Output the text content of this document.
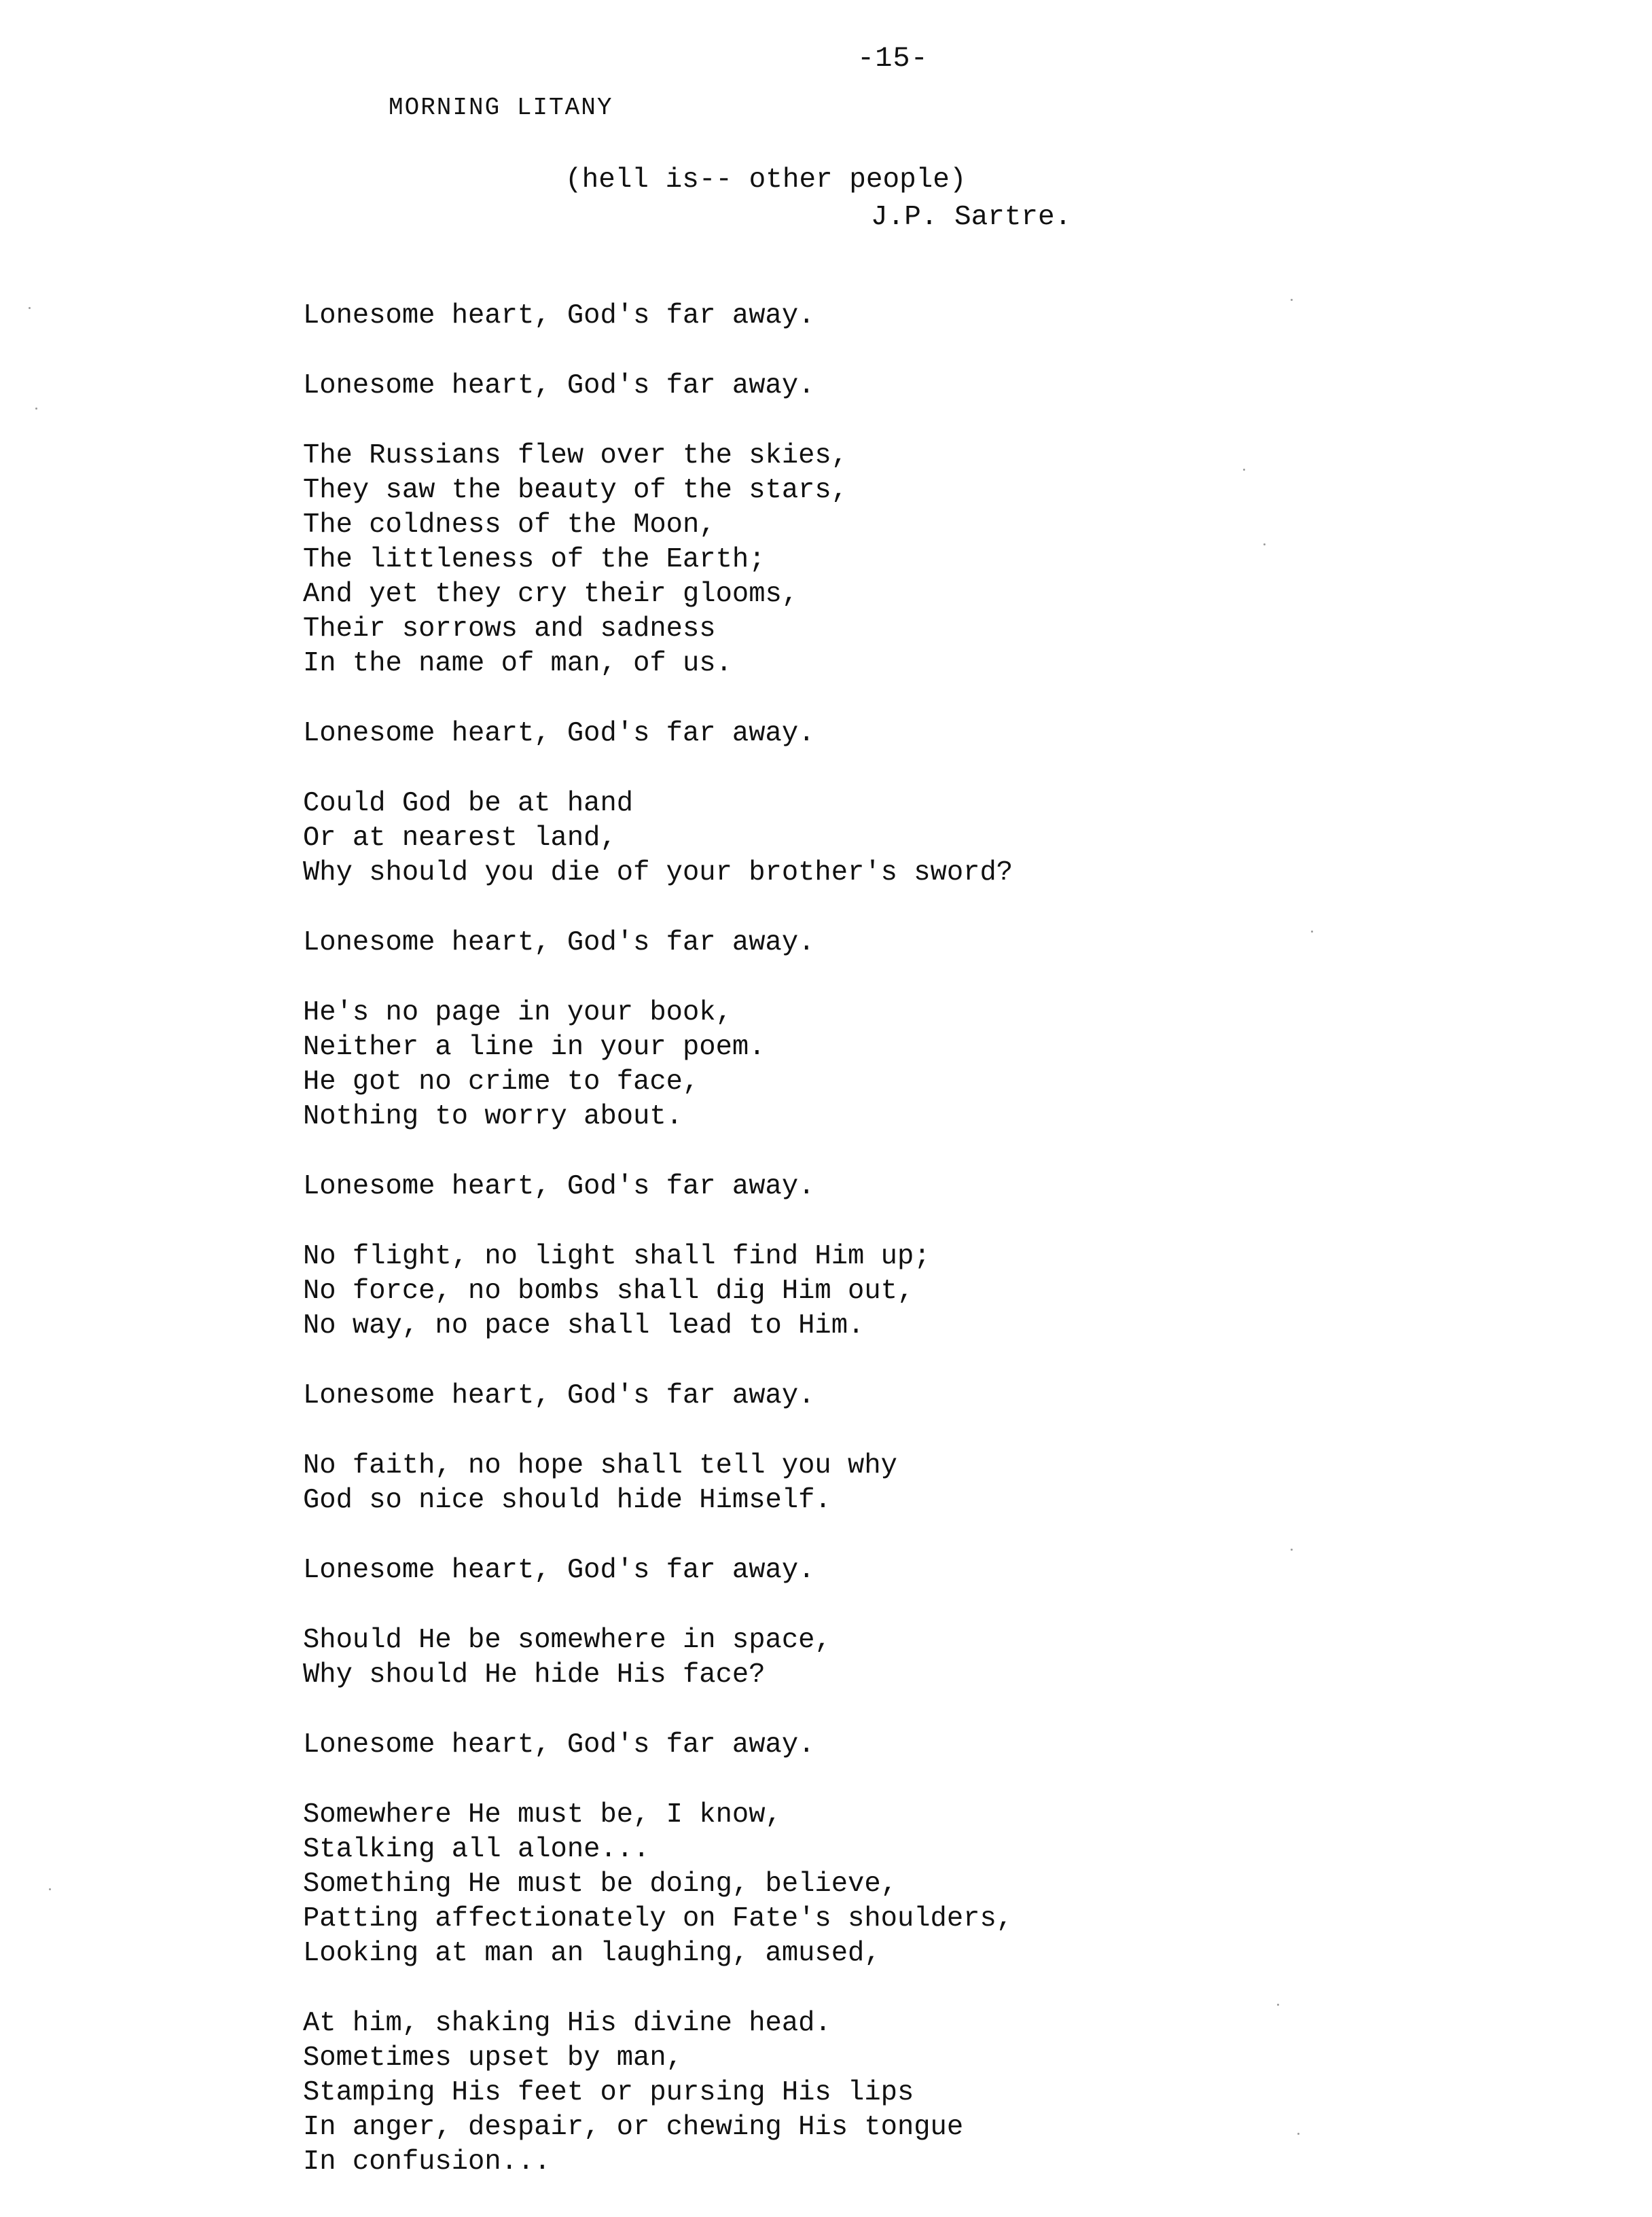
-15-
MORNING LITANY
(hell is-- other people)
J.P. Sartre.
Lonesome heart, God's far away.
Lonesome heart, God's far away.
The Russians flew over the skies,
They saw the beauty of the stars,
The coldness of the Moon,
The littleness of the Earth;
And yet they cry their glooms,
Their sorrows and sadness
In the name of man, of us.
Lonesome heart, God's far away.
Could God be at hand
Or at nearest land,
Why should you die of your brother's sword?
Lonesome heart, God's far away.
He's no page in your book,
Neither a line in your poem.
He got no crime to face,
Nothing to worry about.
Lonesome heart, God's far away.
No flight, no light shall find Him up;
No force, no bombs shall dig Him out,
No way, no pace shall lead to Him.
Lonesome heart, God's far away.
No faith, no hope shall tell you why
God so nice should hide Himself.
Lonesome heart, God's far away.
Should He be somewhere in space,
Why should He hide His face?
Lonesome heart, God's far away.
Somewhere He must be, I know,
Stalking all alone...
Something He must be doing, believe,
Patting affectionately on Fate's shoulders,
Looking at man an laughing, amused,
At him, shaking His divine head.
Sometimes upset by man,
Stamping His feet or pursing His lips
In anger, despair, or chewing His tongue
In confusion...
